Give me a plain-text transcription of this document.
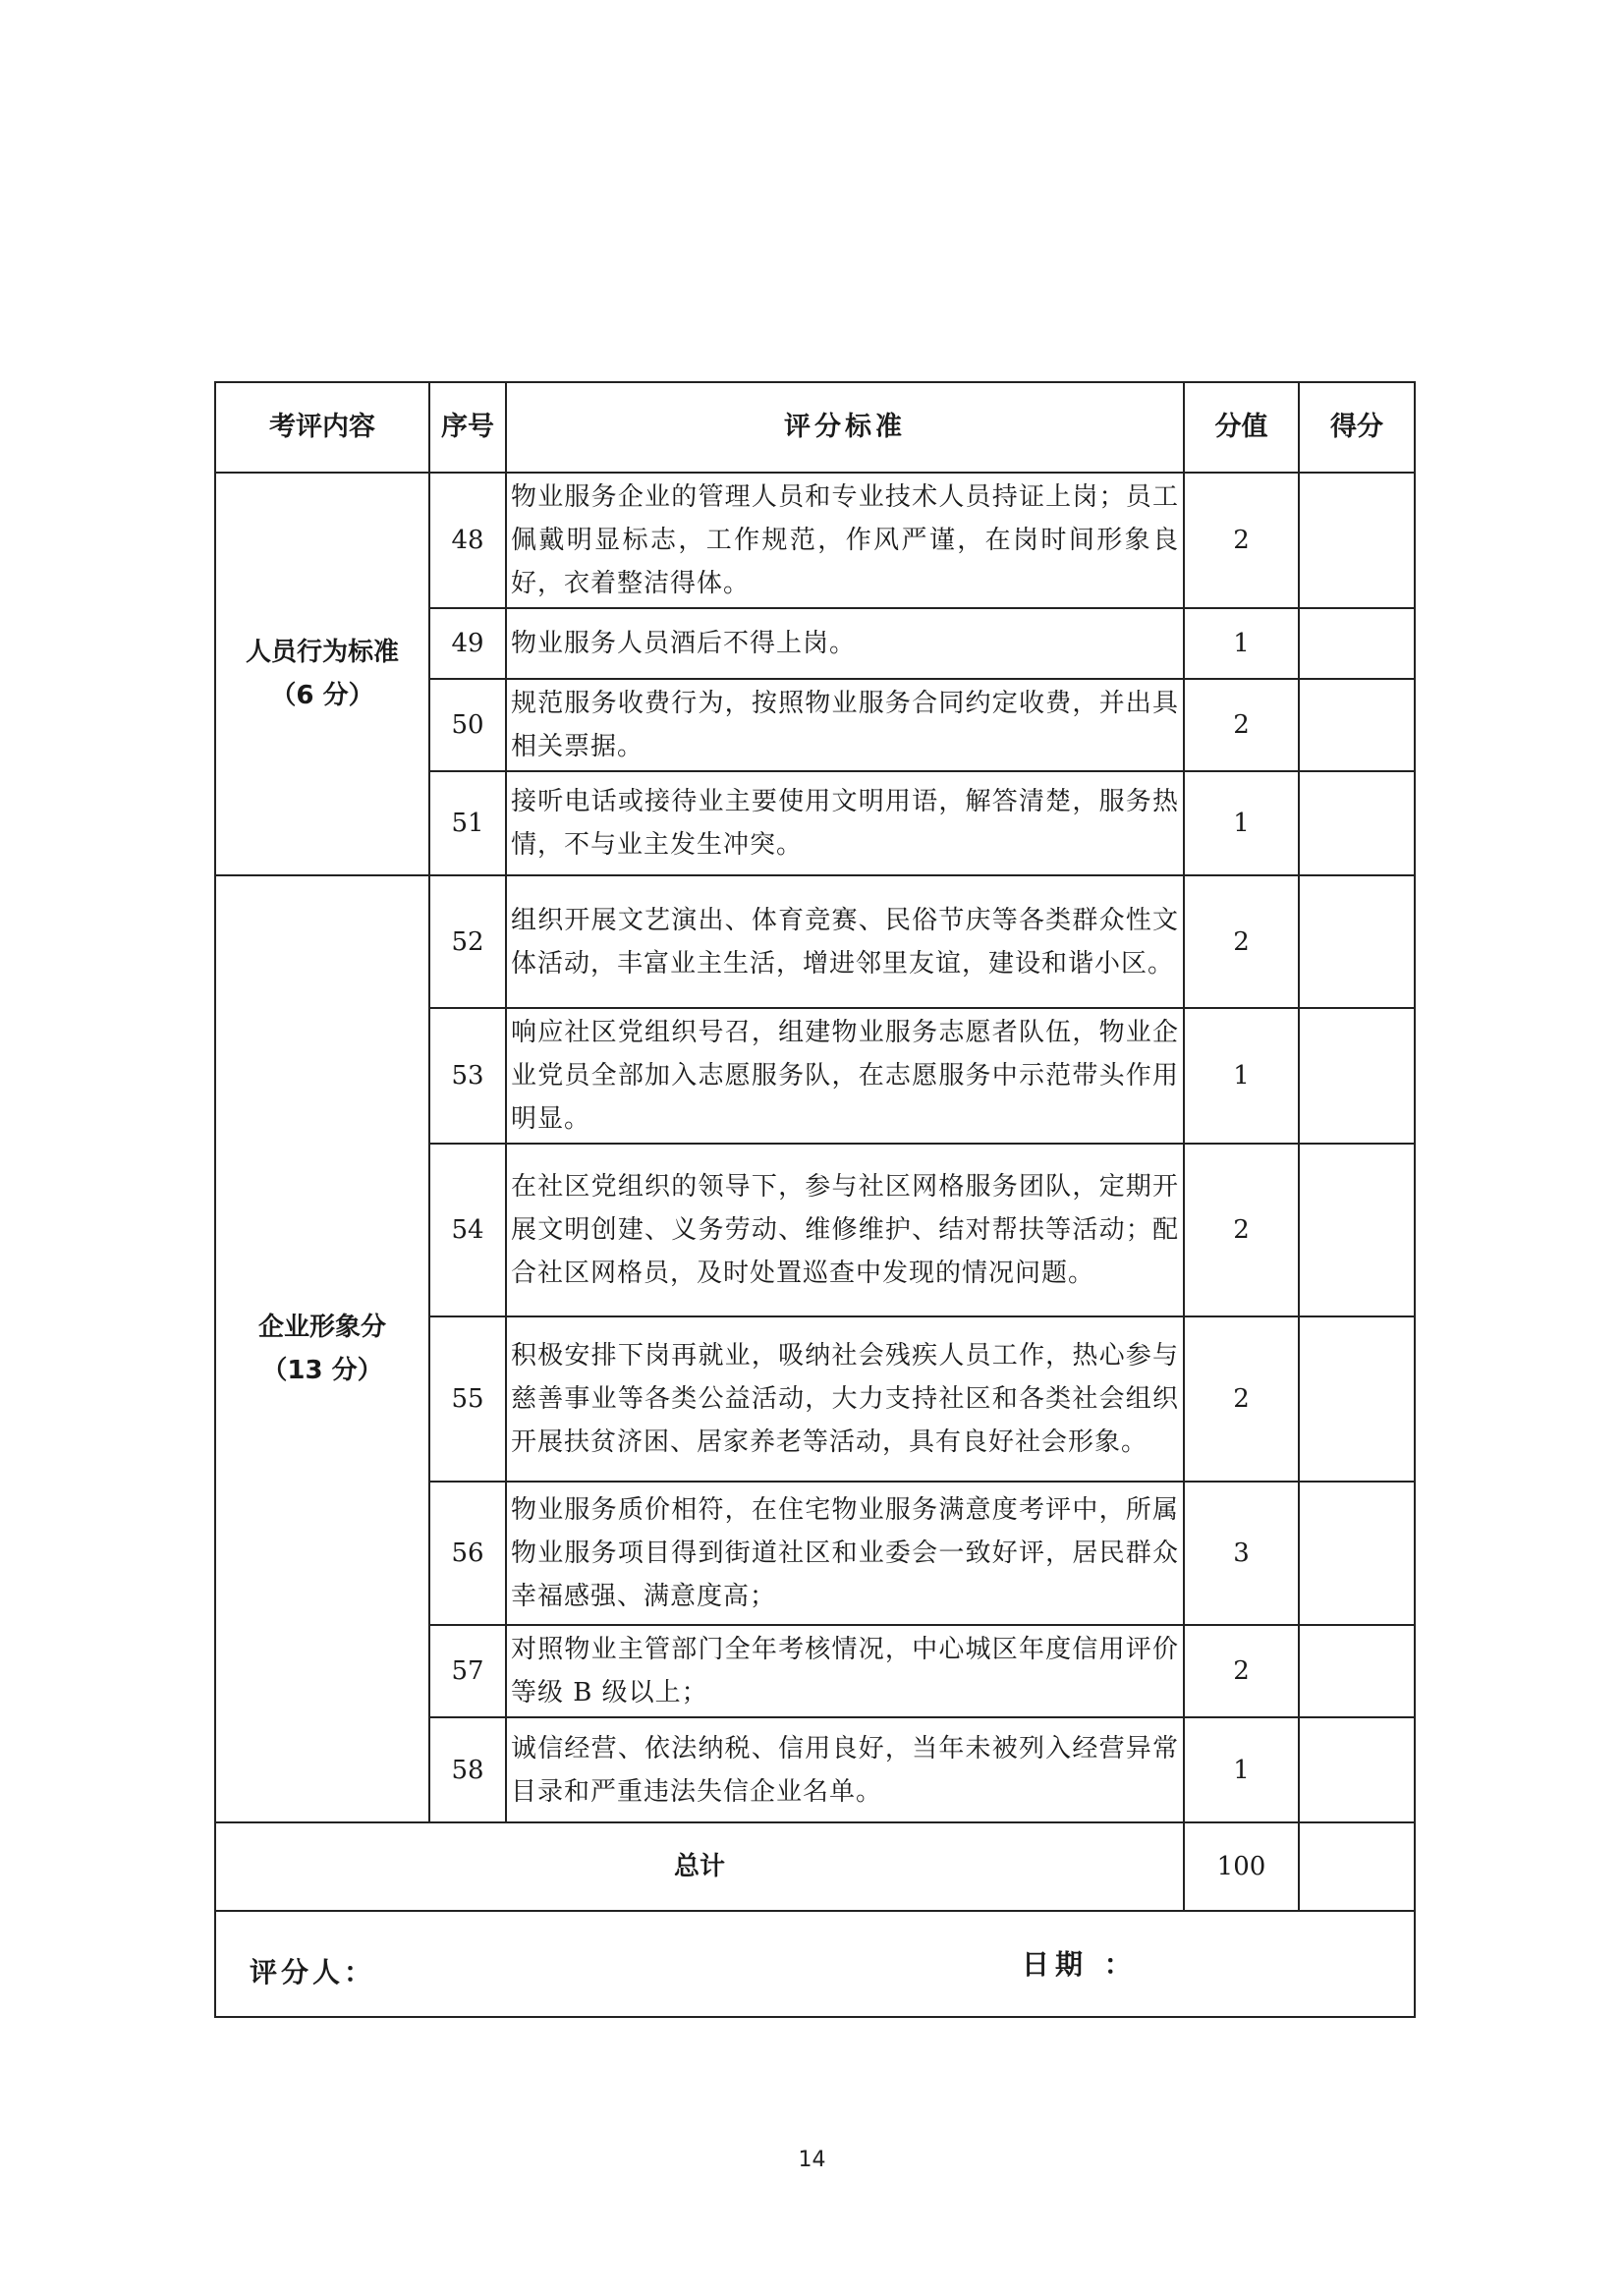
考评内容	序号	评分标准	分值	得分

人员行为标准
（6 分）	48	物业服务企业的管理人员和专业技术人员持证上岗；员工佩戴明显标志，工作规范，作风严谨，在岗时间形象良好，衣着整洁得体。	2	
	49	物业服务人员酒后不得上岗。	1	
	50	规范服务收费行为，按照物业服务合同约定收费，并出具相关票据。	2	
	51	接听电话或接待业主要使用文明用语，解答清楚，服务热情，不与业主发生冲突。	1	

企业形象分
（13 分）	52	组织开展文艺演出、体育竞赛、民俗节庆等各类群众性文体活动，丰富业主生活，增进邻里友谊，建设和谐小区。	2	
	53	响应社区党组织号召，组建物业服务志愿者队伍，物业企业党员全部加入志愿服务队，在志愿服务中示范带头作用明显。	1	
	54	在社区党组织的领导下，参与社区网格服务团队，定期开展文明创建、义务劳动、维修维护、结对帮扶等活动；配合社区网格员，及时处置巡查中发现的情况问题。	2	
	55	积极安排下岗再就业，吸纳社会残疾人员工作，热心参与慈善事业等各类公益活动，大力支持社区和各类社会组织开展扶贫济困、居家养老等活动，具有良好社会形象。	2	
	56	物业服务质价相符，在住宅物业服务满意度考评中，所属物业服务项目得到街道社区和业委会一致好评，居民群众幸福感强、满意度高；	3	
	57	对照物业主管部门全年考核情况，中心城区年度信用评价等级 B 级以上；	2	
	58	诚信经营、依法纳税、信用良好，当年未被列入经营异常目录和严重违法失信企业名单。	1	
总计			100	

评分人： 日期 ：				
14
